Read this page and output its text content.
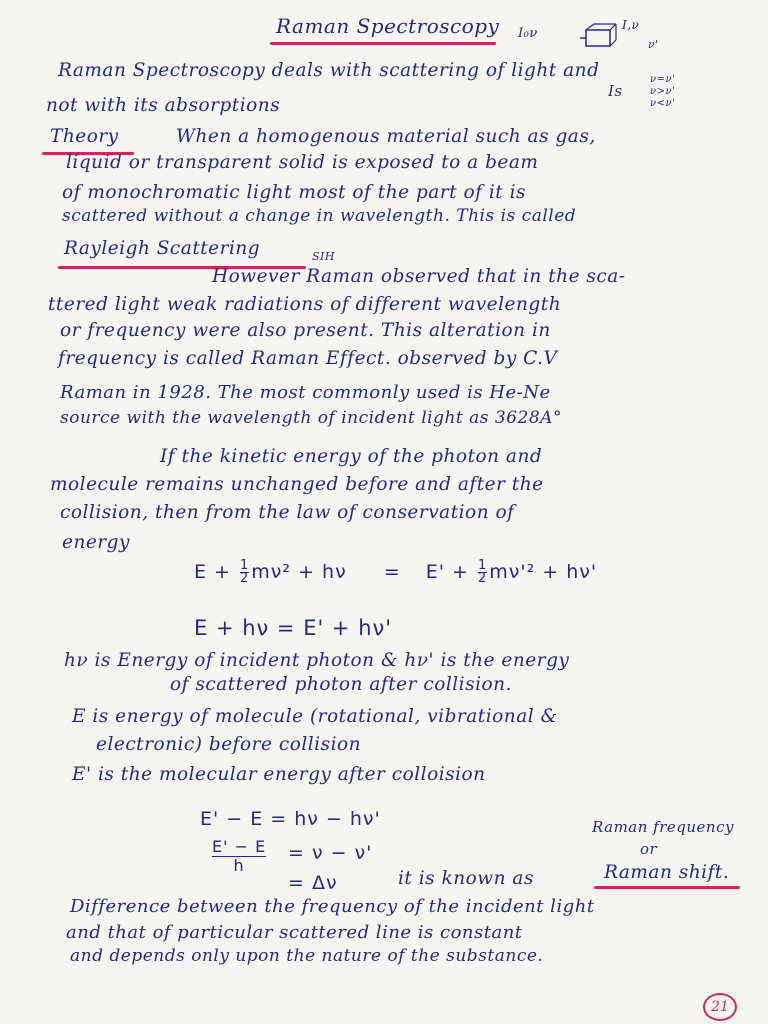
Raman Spectroscopy I₀ν
I,ν
ν'
Is
ν=ν'
ν>ν'
ν<ν'
Raman Spectroscopy deals with scattering of light and
not with its absorptions
Theory	When a homogenous material such as gas,
liquid or transparent solid is exposed to a beam
of monochromatic light most of the part of it is
scattered without a change in wavelength. This is called
Rayleigh Scattering	SIH
However Raman observed that in the sca-
ttered light weak radiations of different wavelength
or frequency were also present. This alteration in
frequency is called Raman Effect. observed by C.V
Raman in 1928. The most commonly used is He-Ne
source with the wavelength of incident light as 3628A°
If the kinetic energy of the photon and
molecule remains unchanged before and after the
collision, then from the law of conservation of
energy
$E + \frac{1}{2} m\nu^2 + h\nu = E' + \frac{1}{2} m\nu'^2 + h\nu'$
E + hν = E' + hν'
hν is Energy of incident photon & hν' is the energy
of scattered photon after collision.
E is energy of molecule (rotational, vibrational &
electronic) before collision
E' is the molecular energy after colloision
E' − E = hν − hν'
E' − E
h
= ν − ν'
= Δν	it is known as
Raman frequency
or
Raman shift.
Difference between the frequency of the incident light
and that of particular scattered line is constant
and depends only upon the nature of the substance.
21
